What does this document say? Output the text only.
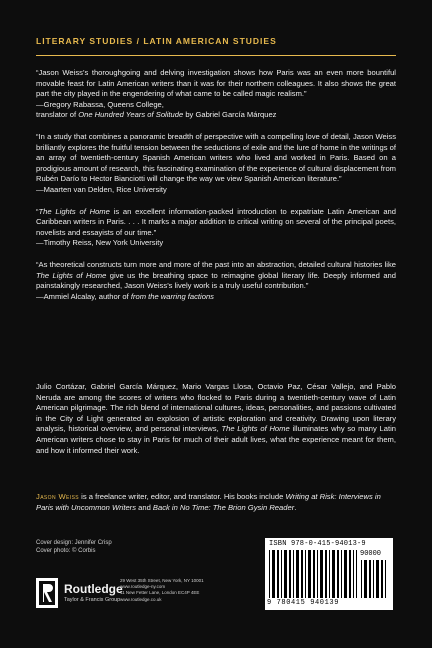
LITERARY STUDIES / LATIN AMERICAN STUDIES

“Jason Weiss’s thoroughgoing and delving investigation shows how Paris was an even more bountiful movable feast for Latin American writers than it was for their northern colleagues. It also shows the great part the city played in the engendering of what came to be called magic realism.”

—Gregory Rabassa, Queens College,

translator of One Hundred Years of Solitude by Gabriel García Márquez

“In a study that combines a panoramic breadth of perspective with a compelling love of detail, Jason Weiss brilliantly explores the fruitful tension between the seductions of exile and the lure of home in the writings of an array of twentieth-century Spanish American writers who lived and worked in Paris. Based on a prodigious amount of research, this fascinating examination of the experience of cultural displacement from Rubén Darío to Hector Bianciotti will change the way we view Spanish American literature.”

—Maarten van Delden, Rice University

“The Lights of Home is an excellent information-packed introduction to expatriate Latin American and Caribbean writers in Paris. . . . It marks a major addition to critical writing on several of the principal poets, novelists and essayists of our time.”

—Timothy Reiss, New York University

“As theoretical constructs turn more and more of the past into an abstraction, detailed cultural histories like The Lights of Home give us the breathing space to reimagine global literary life. Deeply informed and painstakingly researched, Jason Weiss’s lively work is a truly useful contribution.”

—Ammiel Alcalay, author of from the warring factions

Julio Cortázar, Gabriel García Márquez, Mario Vargas Llosa, Octavio Paz, César Vallejo, and Pablo Neruda are among the scores of writers who flocked to Paris during a twentieth-century wave of Latin American pilgrimage. The rich blend of international cultures, ideas, personalities, and passions cultivated in the City of Light generated an explosion of artistic exploration and creativity. Drawing upon literary analysis, historical overview, and personal interviews, The Lights of Home illuminates why so many Latin American writers chose to stay in Paris for much of their adult lives, what the experience meant for them, and how it informed their work.

Jason Weiss is a freelance writer, editor, and translator. His books include Writing at Risk: Interviews in Paris with Uncommon Writers and Back in No Time: The Brion Gysin Reader.

Cover design: Jennifer Crisp
Cover photo: © Corbis
Routledge
Taylor & Francis Group
29 West 35th Street, New York, NY 10001
www.routledge-ny.com
11 New Fetter Lane, London EC4P 4EE
www.routledge.co.uk
ISBN 978-0-415-94013-9
90000
9 780415 940139
